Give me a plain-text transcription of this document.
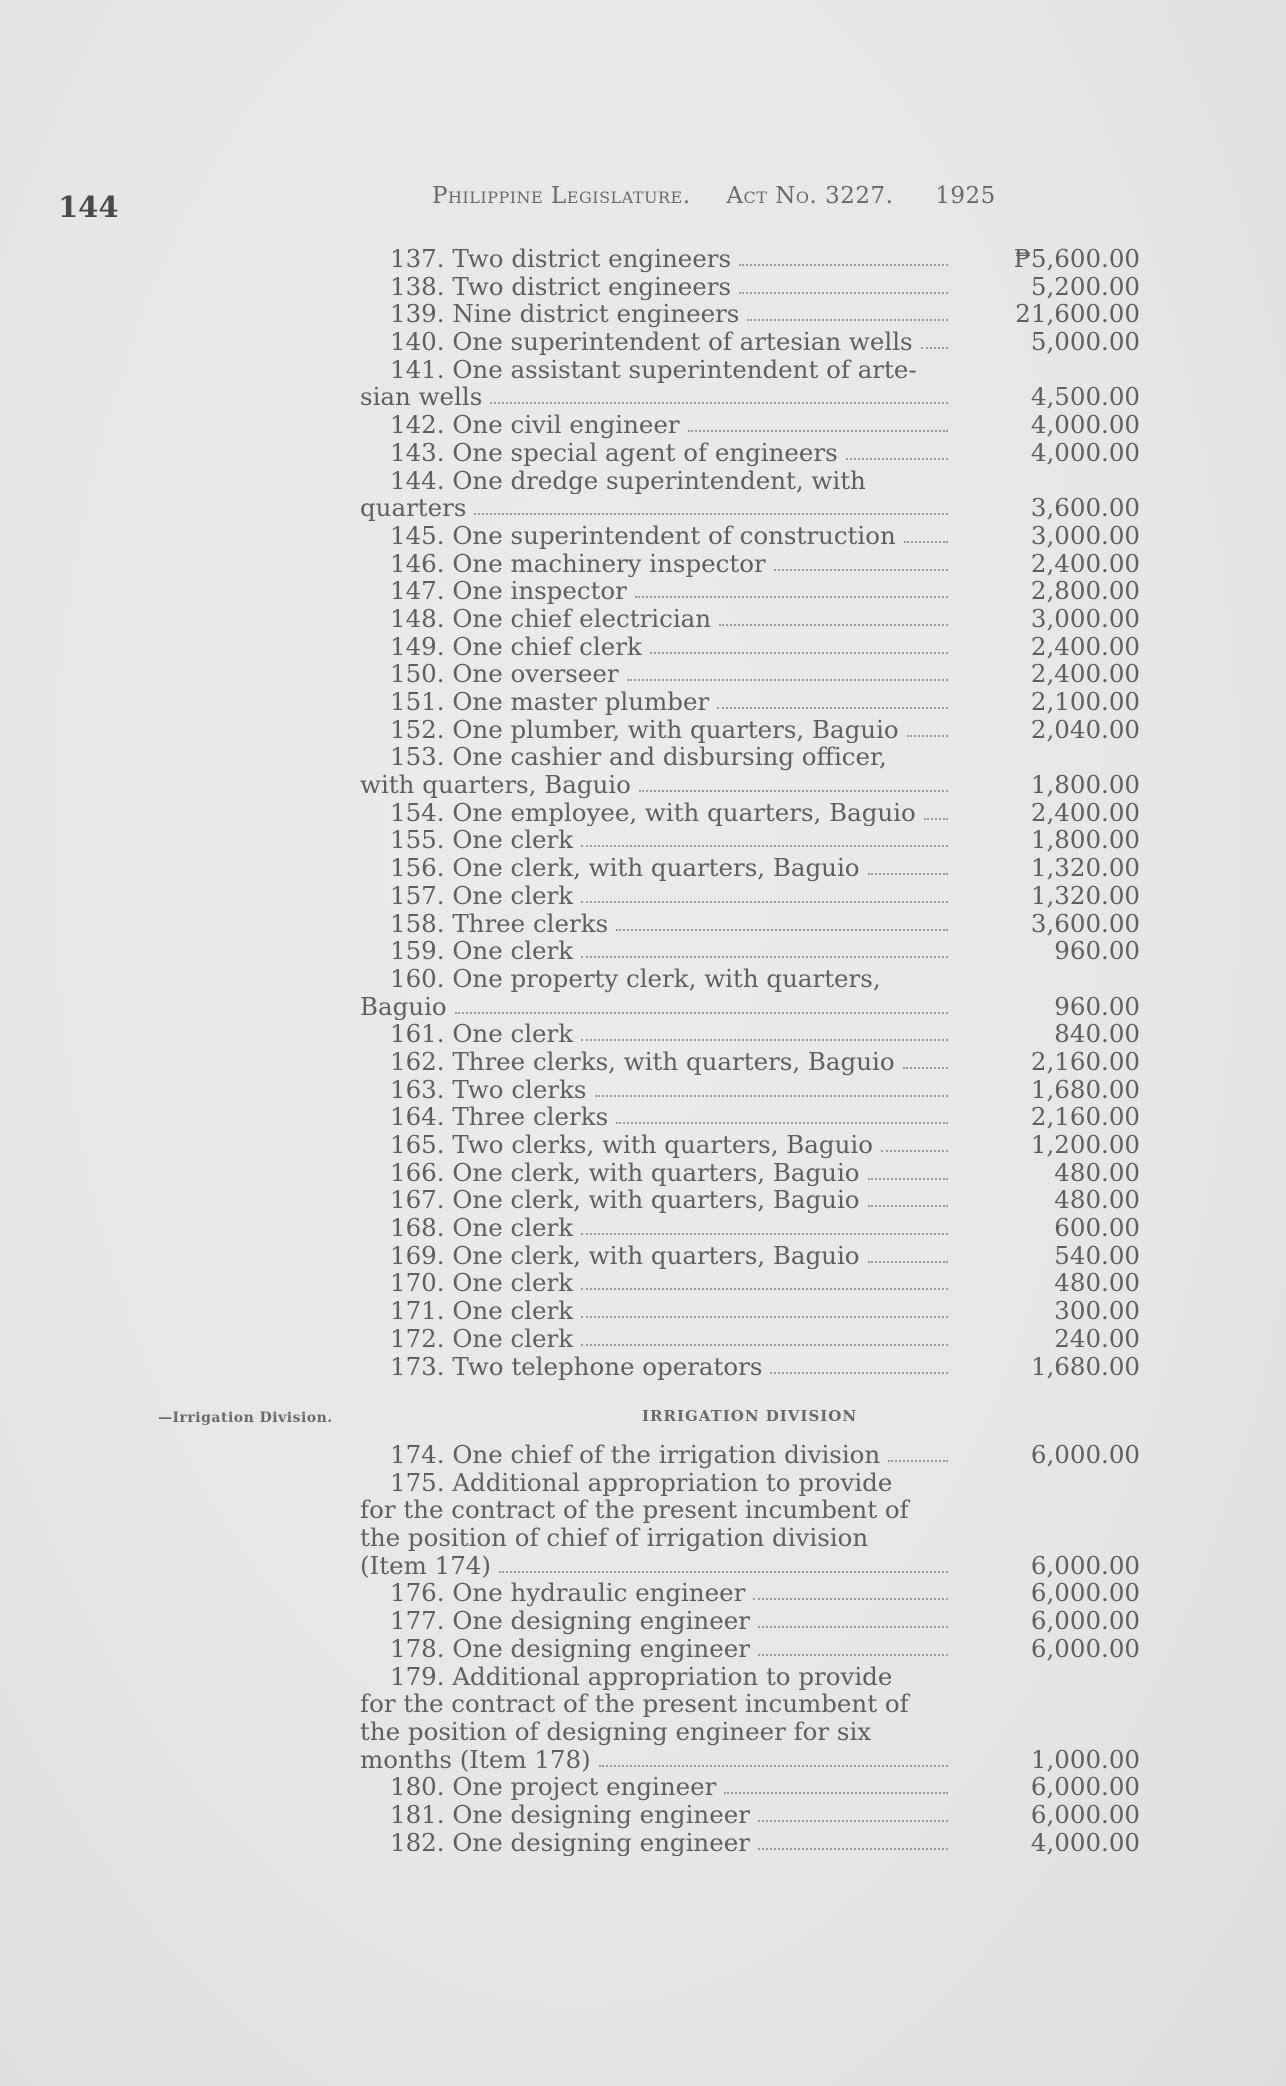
144	Philippine Legislature. Act No. 3227. 1925
137. Two district engineers	₱5,600.00
138. Two district engineers	5,200.00
139. Nine district engineers	21,600.00
140. One superintendent of artesian wells	5,000.00
141. One assistant superintendent of arte-
sian wells	4,500.00
142. One civil engineer	4,000.00
143. One special agent of engineers	4,000.00
144. One dredge superintendent, with
quarters	3,600.00
145. One superintendent of construction	3,000.00
146. One machinery inspector	2,400.00
147. One inspector	2,800.00
148. One chief electrician	3,000.00
149. One chief clerk	2,400.00
150. One overseer	2,400.00
151. One master plumber	2,100.00
152. One plumber, with quarters, Baguio	2,040.00
153. One cashier and disbursing officer,
with quarters, Baguio	1,800.00
154. One employee, with quarters, Baguio	2,400.00
155. One clerk	1,800.00
156. One clerk, with quarters, Baguio	1,320.00
157. One clerk	1,320.00
158. Three clerks	3,600.00
159. One clerk	960.00
160. One property clerk, with quarters,
Baguio	960.00
161. One clerk	840.00
162. Three clerks, with quarters, Baguio	2,160.00
163. Two clerks	1,680.00
164. Three clerks	2,160.00
165. Two clerks, with quarters, Baguio	1,200.00
166. One clerk, with quarters, Baguio	480.00
167. One clerk, with quarters, Baguio	480.00
168. One clerk	600.00
169. One clerk, with quarters, Baguio	540.00
170. One clerk	480.00
171. One clerk	300.00
172. One clerk	240.00
173. Two telephone operators	1,680.00
—Irrigation Division.	IRRIGATION DIVISION
174. One chief of the irrigation division	6,000.00
175. Additional appropriation to provide
for the contract of the present incumbent of
the position of chief of irrigation division
(Item 174)	6,000.00
176. One hydraulic engineer	6,000.00
177. One designing engineer	6,000.00
178. One designing engineer	6,000.00
179. Additional appropriation to provide
for the contract of the present incumbent of
the position of designing engineer for six
months (Item 178)	1,000.00
180. One project engineer	6,000.00
181. One designing engineer	6,000.00
182. One designing engineer	4,000.00
